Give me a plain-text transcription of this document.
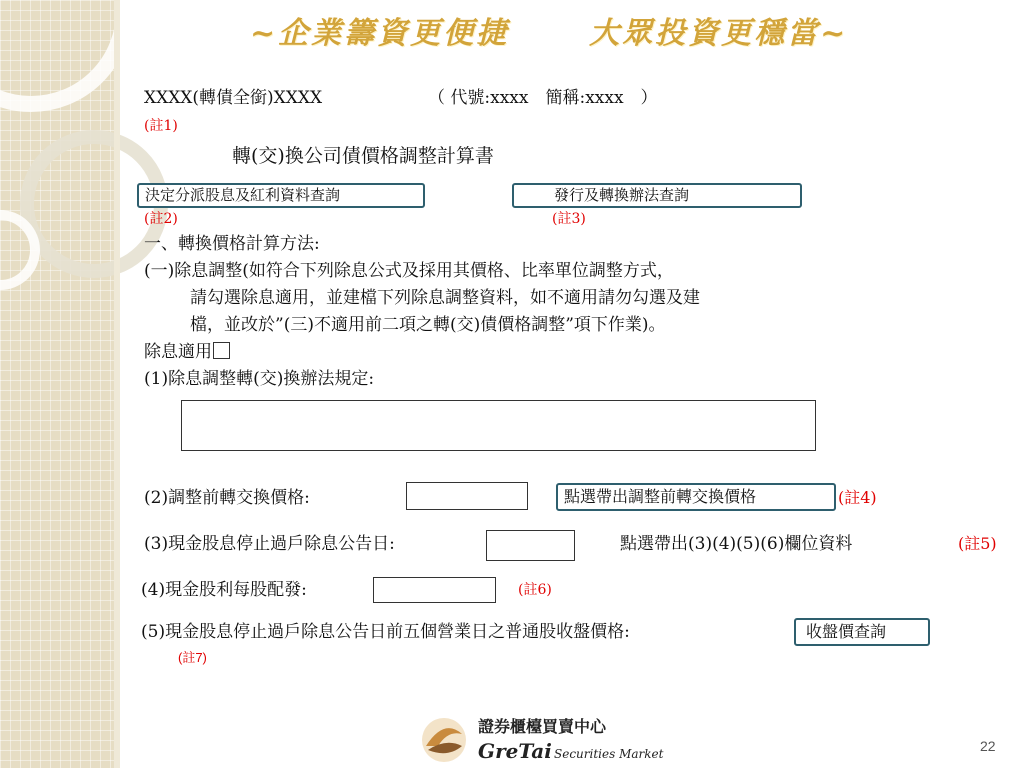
~企業籌資更便捷	大眾投資更穩當~
XXXX(轉債全銜)XXXX	（ 代號:xxxx　簡稱:xxxx　）
(註1)
轉(交)換公司債價格調整計算書
決定分派股息及紅利資料查詢	發行及轉換辦法查詢
(註2)	(註3)
一、轉換價格計算方法:
(一)除息調整(如符合下列除息公式及採用其價格、比率單位調整方式，
請勾選除息適用，並建檔下列除息調整資料，如不適用請勿勾選及建
檔，並改於”(三)不適用前二項之轉(交)債價格調整”項下作業)。
除息適用
(1)除息調整轉(交)換辦法規定:
(2)調整前轉交換價格:	點選帶出調整前轉交換價格	(註4)
(3)現金股息停止過戶除息公告日:	點選帶出(3)(4)(5)(6)欄位資料	(註5)
(4)現金股利每股配發:	(註6)
(5)現金股息停止過戶除息公告日前五個營業日之普通股收盤價格:	收盤價查詢
(註7)
證券櫃檯買賣中心
GreTai Securities Market	22
